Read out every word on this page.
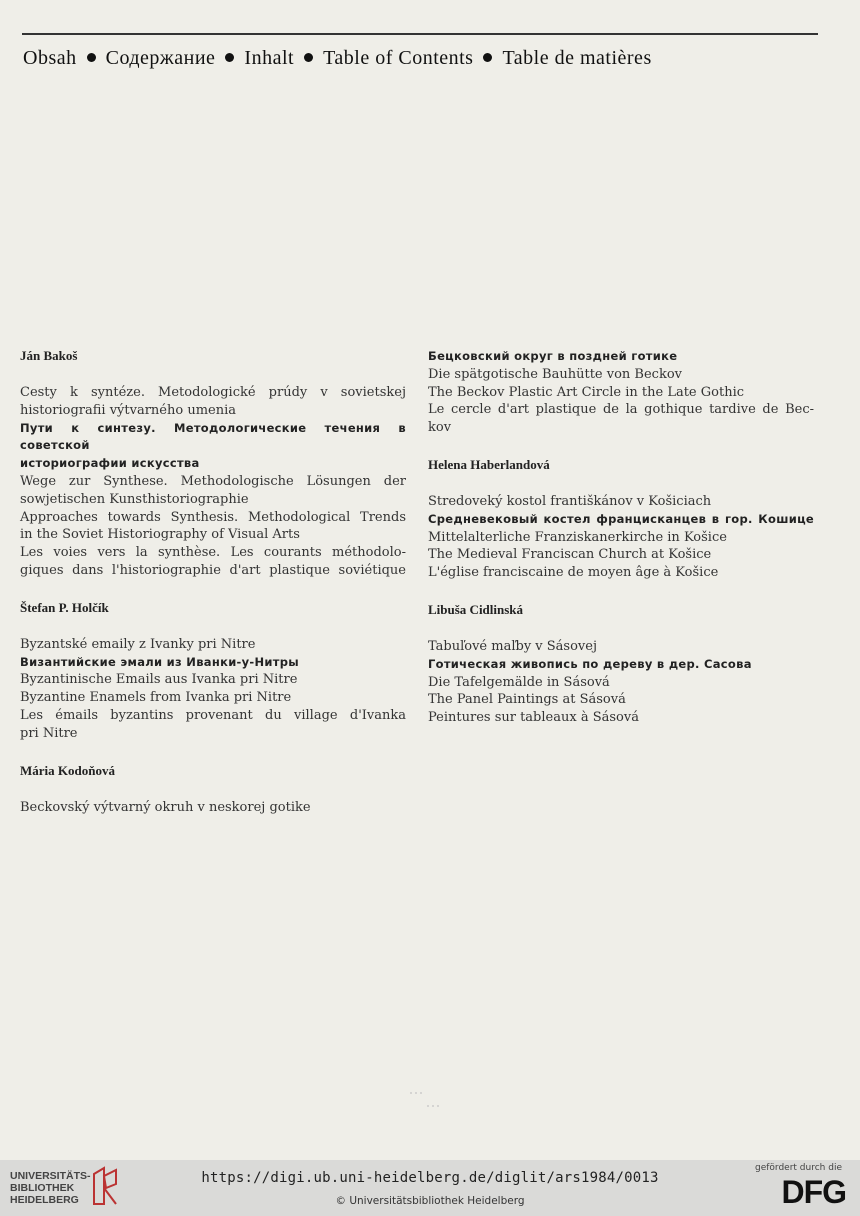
Obsah Содержание Inhalt Table of Contents Table de matières
Ján Bakoš
Cesty k syntéze. Metodologické prúdy v sovietskej
historiografii výtvarného umenia
Пути к синтезу. Методологические течения в советской
историографии искусства
Wege zur Synthese. Methodologische Lösungen der
sowjetischen Kunsthistoriographie
Approaches towards Synthesis. Methodological Trends
in the Soviet Historiography of Visual Arts
Les voies vers la synthèse. Les courants méthodolo-
giques dans l'historiographie d'art plastique soviétique
Štefan P. Holčík
Byzantské emaily z Ivanky pri Nitre
Византийские эмали из Иванки-у-Нитры
Byzantinische Emails aus Ivanka pri Nitre
Byzantine Enamels from Ivanka pri Nitre
Les émails byzantins provenant du village d'Ivanka
pri Nitre
Mária Kodoňová
Beckovský výtvarný okruh v neskorej gotike
Бецковский округ в поздней готике
Die spätgotische Bauhütte von Beckov
The Beckov Plastic Art Circle in the Late Gothic
Le cercle d'art plastique de la gothique tardive de Bec-
kov
Helena Haberlandová
Stredoveký kostol františkánov v Košiciach
Средневековый костел францисканцев в гор. Кошице
Mittelalterliche Franziskanerkirche in Košice
The Medieval Franciscan Church at Košice
L'église franciscaine de moyen âge à Košice
Libuša Cidlinská
Tabuľové maľby v Sásovej
Готическая живопись по дереву в дер. Сасова
Die Tafelgemälde in Sásová
The Panel Paintings at Sásová
Peintures sur tableaux à Sásová
UNIVERSITÄTS-
BIBLIOTHEK
HEIDELBERG
https://digi.ub.uni-heidelberg.de/diglit/ars1984/0013
© Universitätsbibliothek Heidelberg
gefördert durch die
DFG
